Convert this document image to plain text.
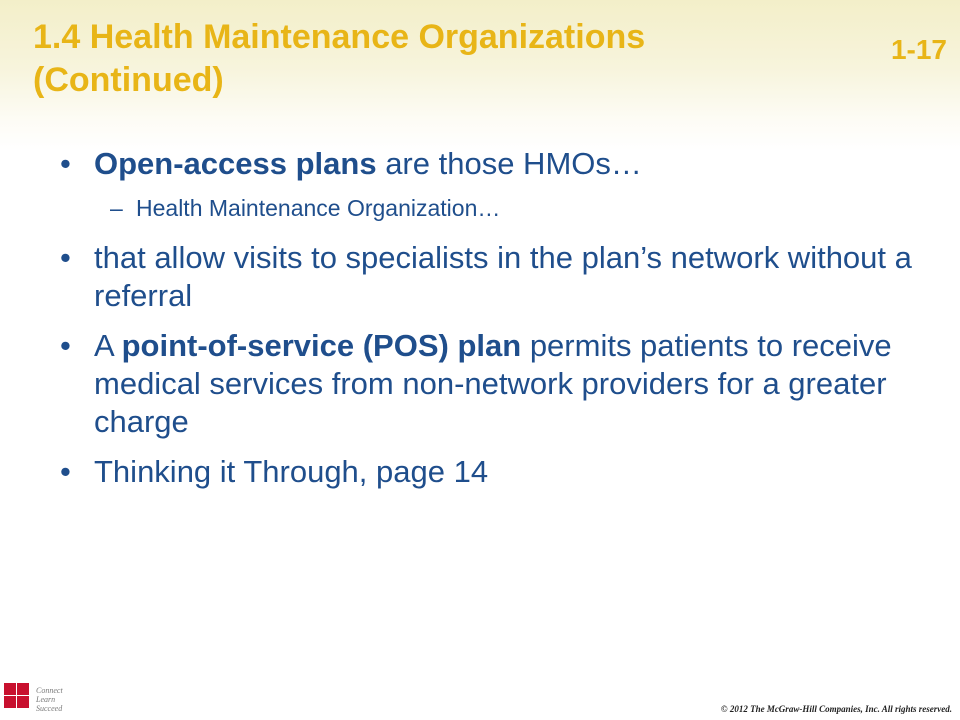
1.4 Health Maintenance Organizations
(Continued)
1-17
• Open-access plans are those HMOs…
– Health Maintenance Organization…
• that allow visits to specialists in the plan’s network without a referral
• A point-of-service (POS) plan permits patients to receive medical services from non-network providers for a greater charge
• Thinking it Through, page 14
Connect
Learn
Succeed	© 2012 The McGraw-Hill Companies, Inc. All rights reserved.
